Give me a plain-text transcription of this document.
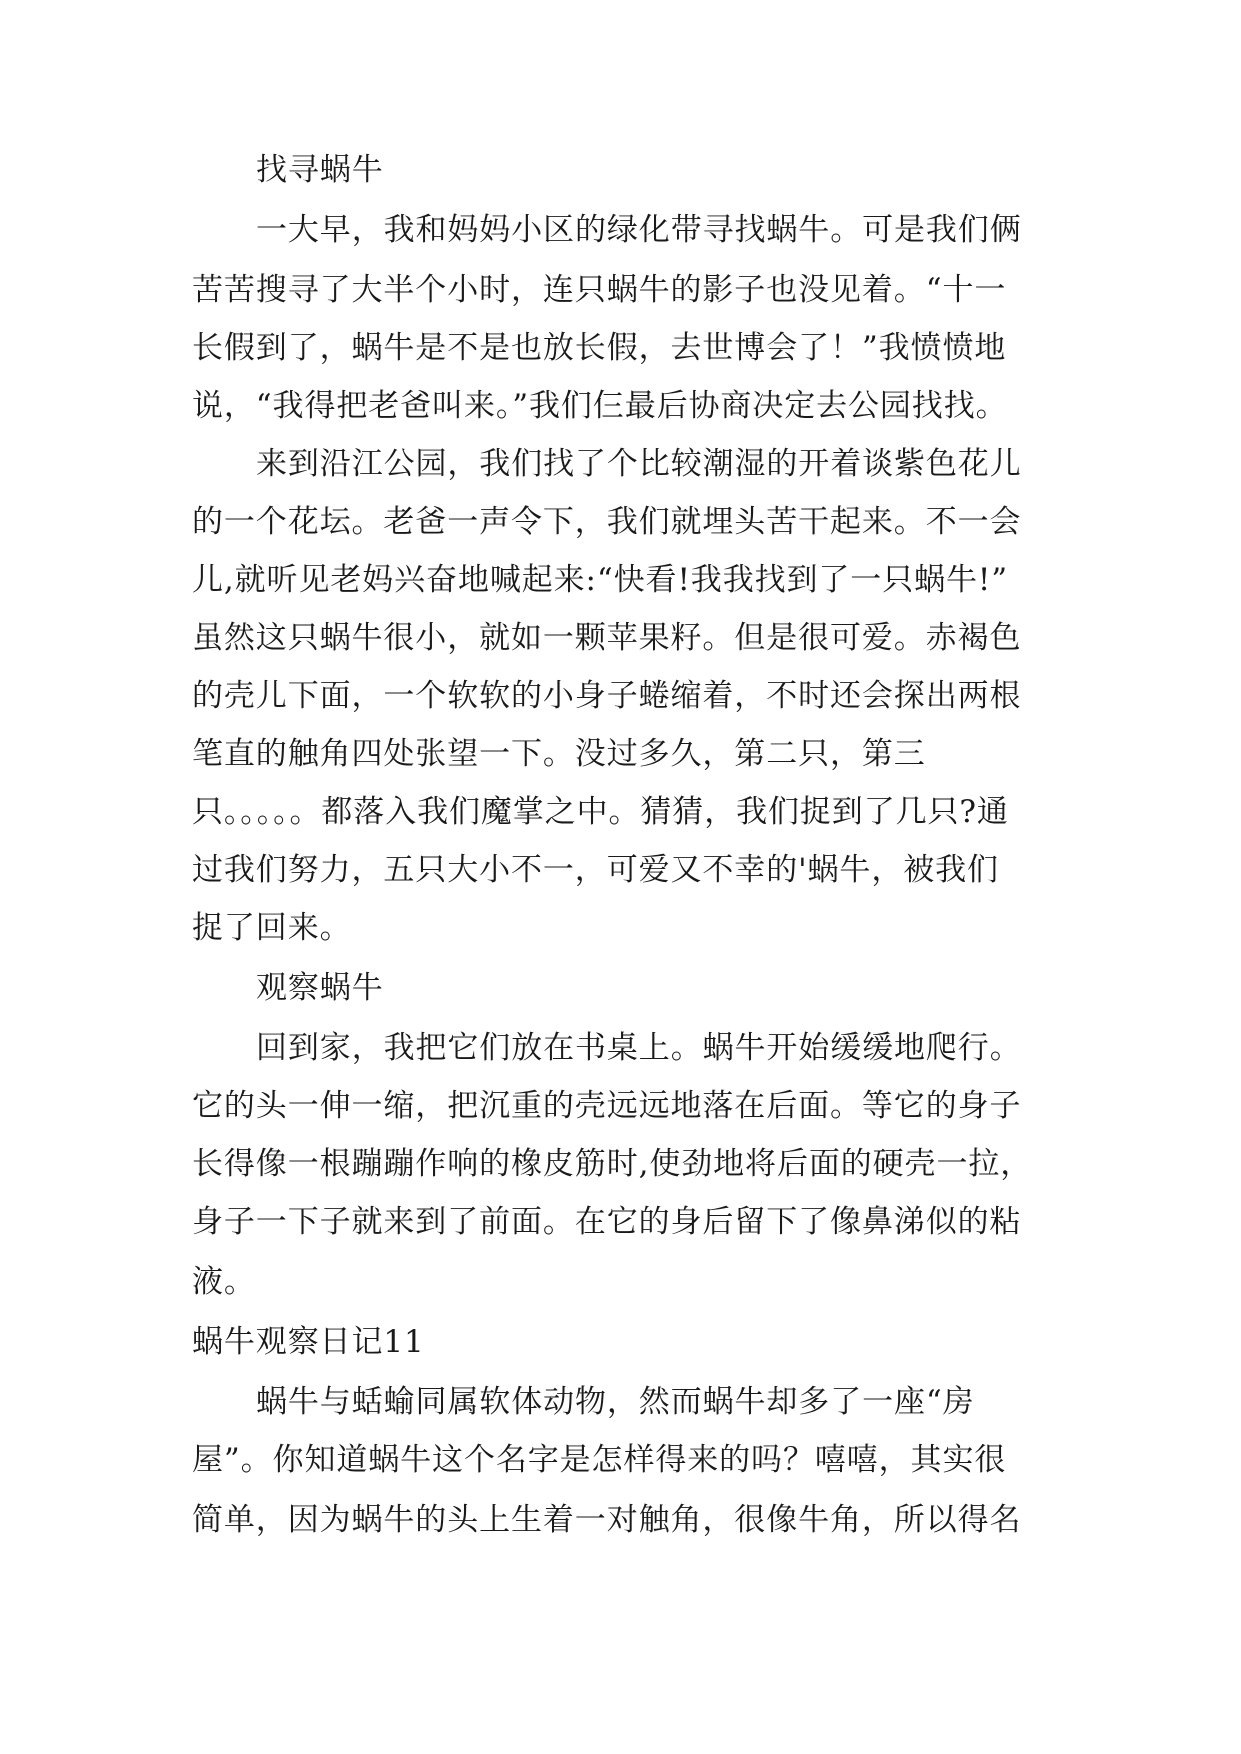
找寻蜗牛
一大早，我和妈妈小区的绿化带寻找蜗牛。可是我们俩
苦苦搜寻了大半个小时，连只蜗牛的影子也没见着。“十一
长假到了，蜗牛是不是也放长假，去世博会了！”我愤愤地
说，“我得把老爸叫来。”我们仨最后协商决定去公园找找。
来到沿江公园，我们找了个比较潮湿的开着谈紫色花儿
的一个花坛。老爸一声令下，我们就埋头苦干起来。不一会
儿,就听见老妈兴奋地喊起来:“快看!我我找到了一只蜗牛!”
虽然这只蜗牛很小，就如一颗苹果籽。但是很可爱。赤褐色
的壳儿下面，一个软软的小身子蜷缩着，不时还会探出两根
笔直的触角四处张望一下。没过多久，第二只，第三
只。。。。。都落入我们魔掌之中。猜猜，我们捉到了几只?通
过我们努力，五只大小不一，可爱又不幸的'蜗牛，被我们
捉了回来。
观察蜗牛
回到家，我把它们放在书桌上。蜗牛开始缓缓地爬行。
它的头一伸一缩，把沉重的壳远远地落在后面。等它的身子
长得像一根蹦蹦作响的橡皮筋时,使劲地将后面的硬壳一拉，
身子一下子就来到了前面。在它的身后留下了像鼻涕似的粘
液。
蜗牛观察日记11
蜗牛与蛞蝓同属软体动物，然而蜗牛却多了一座“房
屋”。你知道蜗牛这个名字是怎样得来的吗？嘻嘻，其实很
简单，因为蜗牛的头上生着一对触角，很像牛角，所以得名
